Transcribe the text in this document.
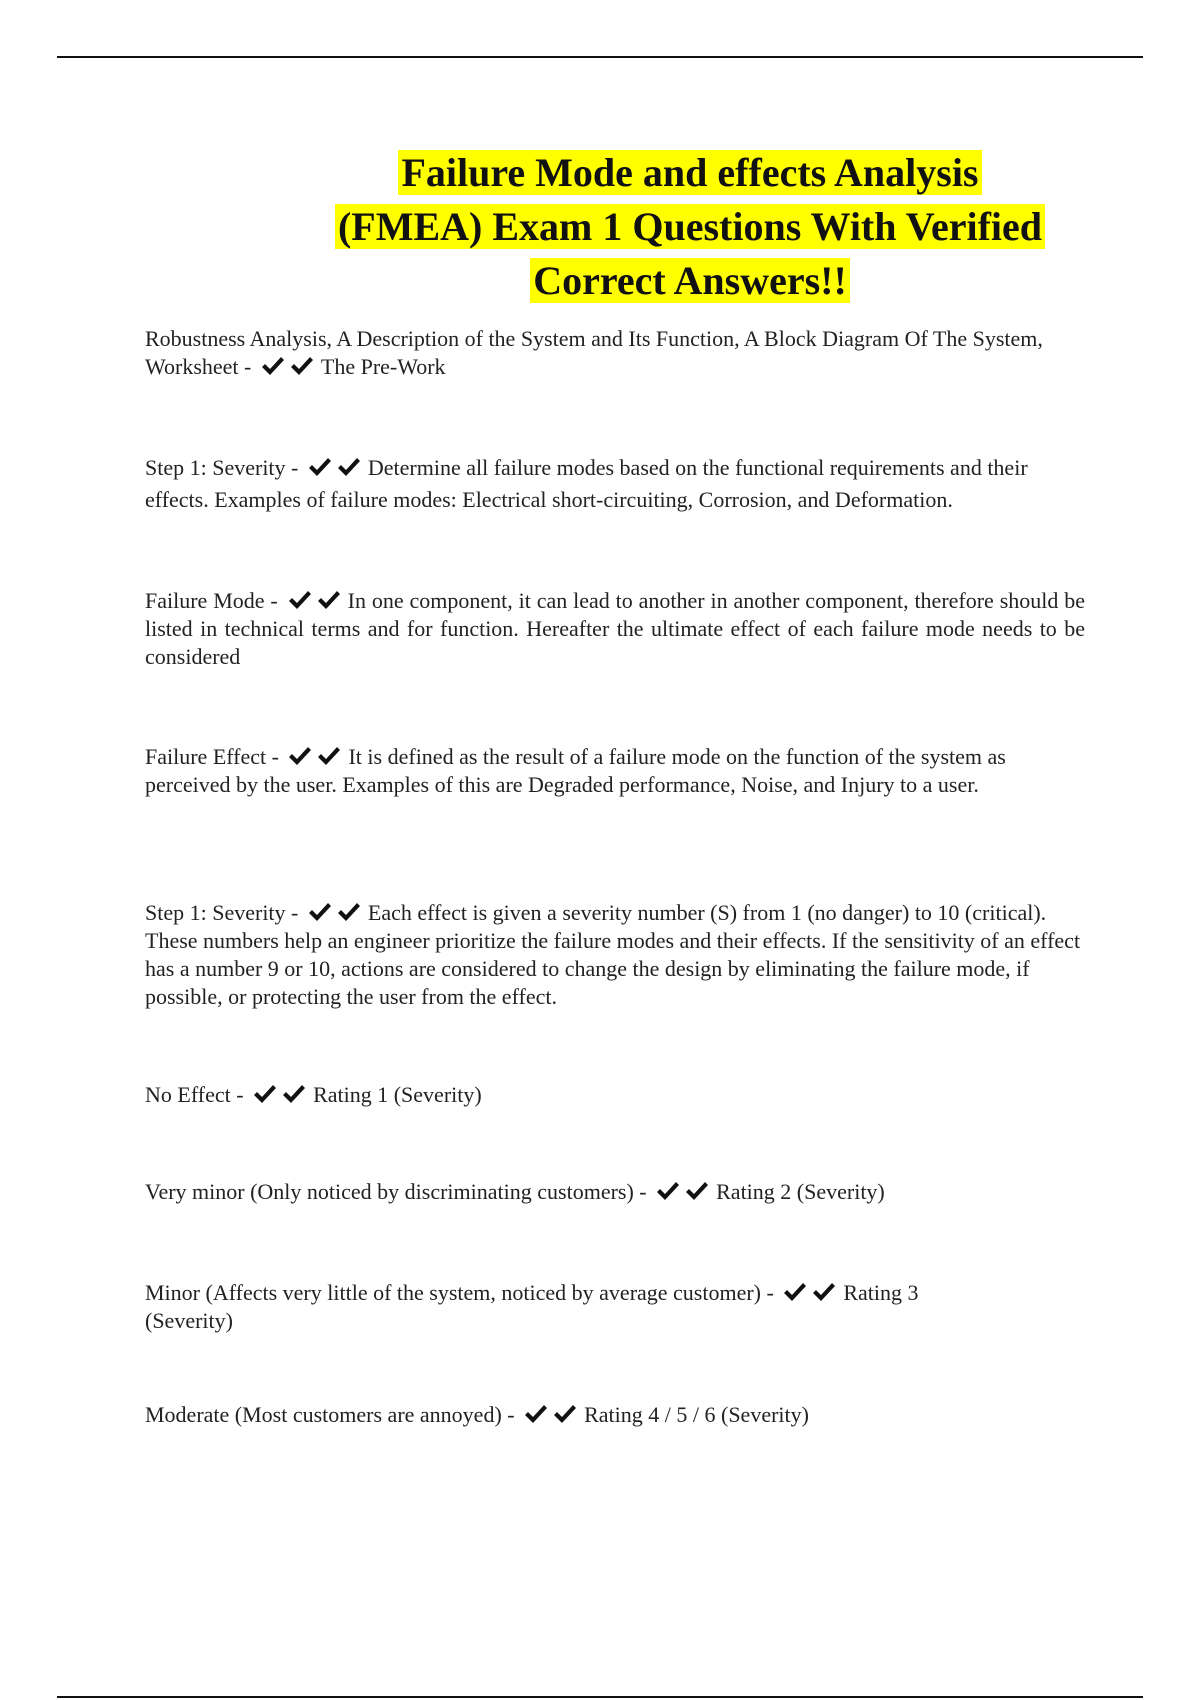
Failure Mode and effects Analysis
(FMEA) Exam 1 Questions With Verified
Correct Answers!!

Robustness Analysis, A Description of the System and Its Function, A Block Diagram Of The System, Worksheet -	The Pre-Work

Step 1: Severity -	Determine all failure modes based on the functional requirements and their effects. Examples of failure modes: Electrical short-circuiting, Corrosion, and Deformation.

Failure Mode -	In one component, it can lead to another in another component, therefore should be listed in technical terms and for function. Hereafter the ultimate effect of each failure mode needs to be considered

Failure Effect -	It is defined as the result of a failure mode on the function of the system as perceived by the user. Examples of this are Degraded performance, Noise, and Injury to a user.

Step 1: Severity -	Each effect is given a severity number (S) from 1 (no danger) to 10 (critical). These numbers help an engineer prioritize the failure modes and their effects. If the sensitivity of an effect has a number 9 or 10, actions are considered to change the design by eliminating the failure mode, if possible, or protecting the user from the effect.

No Effect -	Rating 1 (Severity)

Very minor (Only noticed by discriminating customers) -	Rating 2 (Severity)

Minor (Affects very little of the system, noticed by average customer) -	Rating 3 (Severity)

Moderate (Most customers are annoyed) -	Rating 4 / 5 / 6 (Severity)
